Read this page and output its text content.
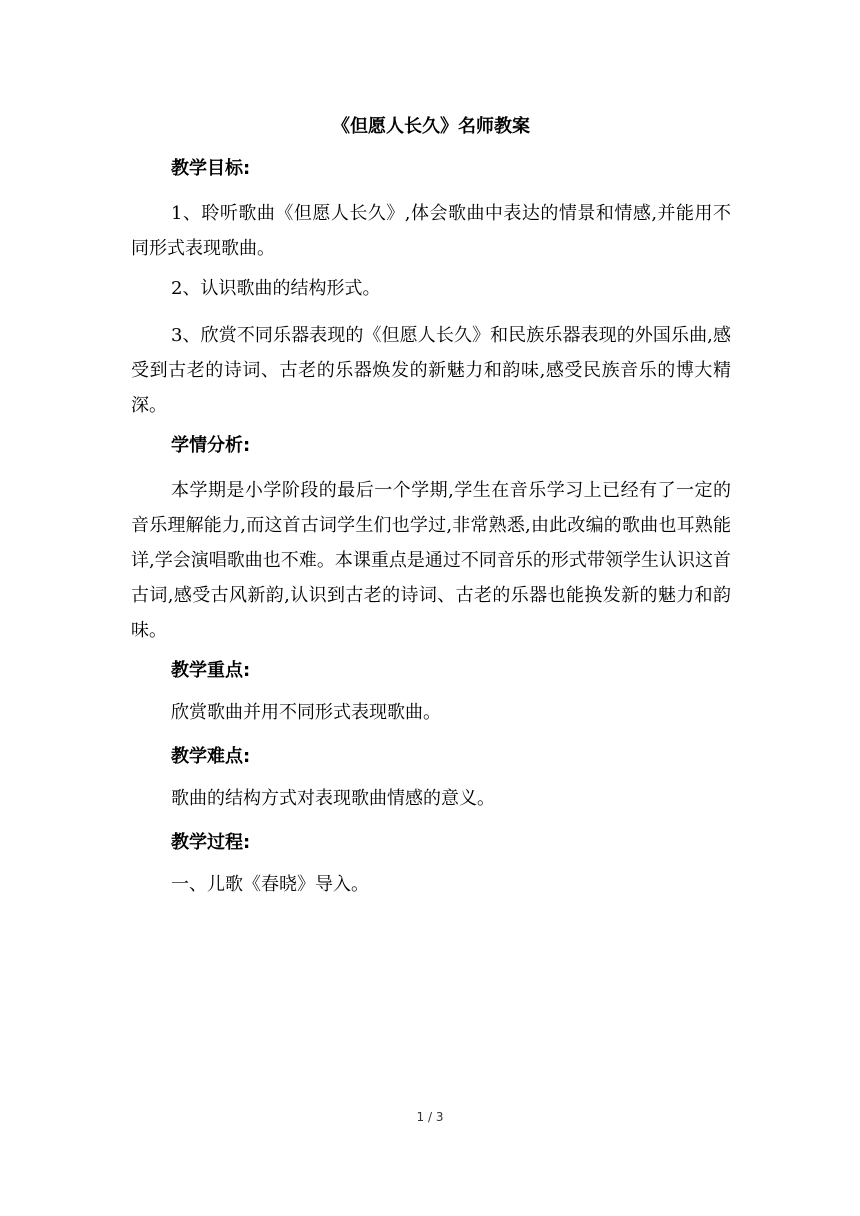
《但愿人长久》名师教案
教学目标:
1、聆听歌曲《但愿人长久》,体会歌曲中表达的情景和情感,并能用不同形式表现歌曲。
2、认识歌曲的结构形式。
3、欣赏不同乐器表现的《但愿人长久》和民族乐器表现的外国乐曲,感受到古老的诗词、古老的乐器焕发的新魅力和韵味,感受民族音乐的博大精深。
学情分析:
本学期是小学阶段的最后一个学期,学生在音乐学习上已经有了一定的音乐理解能力,而这首古词学生们也学过,非常熟悉,由此改编的歌曲也耳熟能详,学会演唱歌曲也不难。本课重点是通过不同音乐的形式带领学生认识这首古词,感受古风新韵,认识到古老的诗词、古老的乐器也能换发新的魅力和韵味。
教学重点:
欣赏歌曲并用不同形式表现歌曲。
教学难点:
歌曲的结构方式对表现歌曲情感的意义。
教学过程:
一、儿歌《春晓》导入。
1 / 3
